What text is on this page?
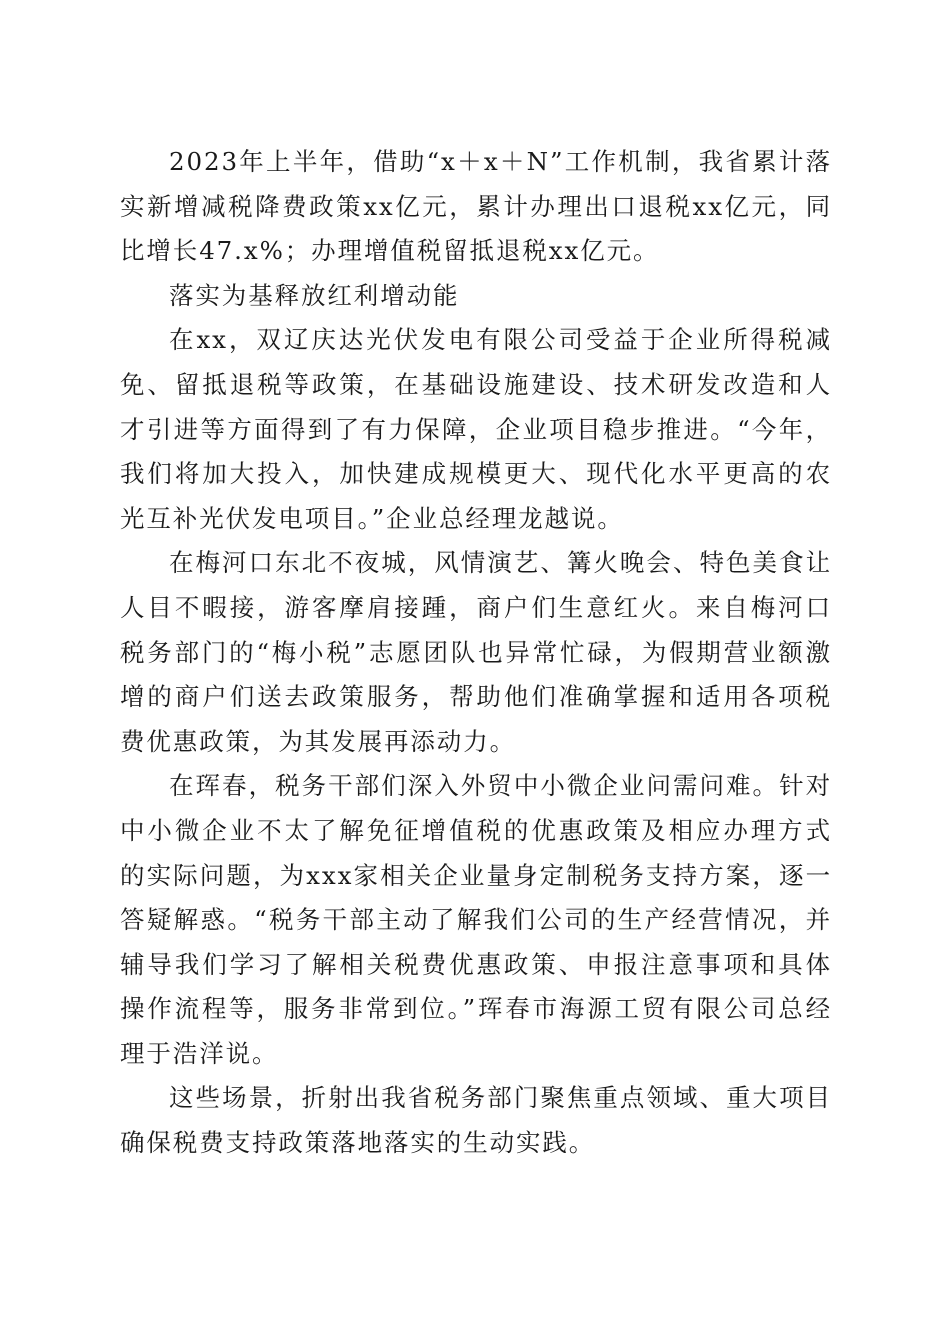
2023年上半年，借助“x＋x＋N”工作机制，我省累计落实新增减税降费政策xx亿元，累计办理出口退税xx亿元，同比增长47.x%；办理增值税留抵退税xx亿元。

落实为基释放红利增动能

在xx，双辽庆达光伏发电有限公司受益于企业所得税减免、留抵退税等政策，在基础设施建设、技术研发改造和人才引进等方面得到了有力保障，企业项目稳步推进。“今年，我们将加大投入，加快建成规模更大、现代化水平更高的农光互补光伏发电项目。”企业总经理龙越说。

在梅河口东北不夜城，风情演艺、篝火晚会、特色美食让人目不暇接，游客摩肩接踵，商户们生意红火。来自梅河口税务部门的“梅小税”志愿团队也异常忙碌，为假期营业额激增的商户们送去政策服务，帮助他们准确掌握和适用各项税费优惠政策，为其发展再添动力。

在珲春，税务干部们深入外贸中小微企业问需问难。针对中小微企业不太了解免征增值税的优惠政策及相应办理方式的实际问题，为xxx家相关企业量身定制税务支持方案，逐一答疑解惑。“税务干部主动了解我们公司的生产经营情况，并辅导我们学习了解相关税费优惠政策、申报注意事项和具体操作流程等，服务非常到位。”珲春市海源工贸有限公司总经理于浩洋说。

这些场景，折射出我省税务部门聚焦重点领域、重大项目确保税费支持政策落地落实的生动实践。
